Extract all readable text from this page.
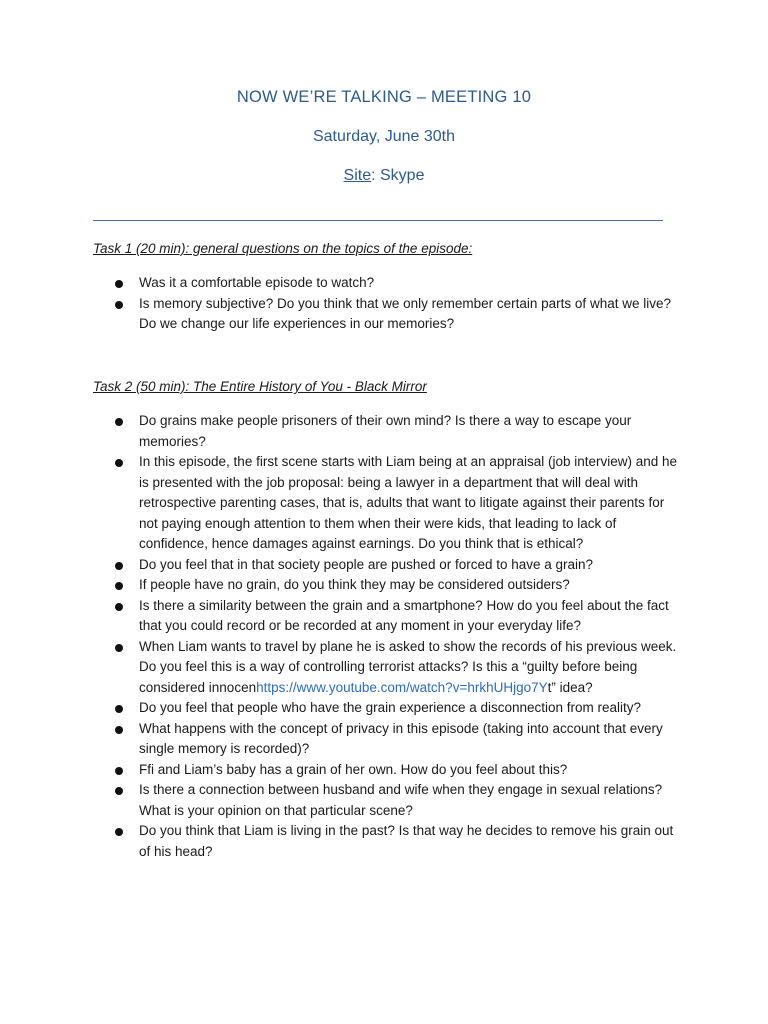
NOW WE’RE TALKING – MEETING 10
Saturday, June 30th
Site: Skype
Task 1 (20 min): general questions on the topics of the episode:
Was it a comfortable episode to watch?
Is memory subjective? Do you think that we only remember certain parts of what we live? Do we change our life experiences in our memories?
Task 2 (50 min): The Entire History of You - Black Mirror
Do grains make people prisoners of their own mind? Is there a way to escape your memories?
In this episode, the first scene starts with Liam being at an appraisal (job interview) and he is presented with the job proposal: being a lawyer in a department that will deal with retrospective parenting cases, that is, adults that want to litigate against their parents for not paying enough attention to them when their were kids, that leading to lack of confidence, hence damages against earnings. Do you think that is ethical?
Do you feel that in that society people are pushed or forced to have a grain?
If people have no grain, do you think they may be considered outsiders?
Is there a similarity between the grain and a smartphone? How do you feel about the fact that you could record or be recorded at any moment in your everyday life?
When Liam wants to travel by plane he is asked to show the records of his previous week. Do you feel this is a way of controlling terrorist attacks? Is this a “guilty before being considered innocenhttps://www.youtube.com/watch?v=hrkhUHjgo7Yt” idea?
Do you feel that people who have the grain experience a disconnection from reality?
What happens with the concept of privacy in this episode (taking into account that every single memory is recorded)?
Ffi and Liam’s baby has a grain of her own. How do you feel about this?
Is there a connection between husband and wife when they engage in sexual relations? What is your opinion on that particular scene?
Do you think that Liam is living in the past? Is that way he decides to remove his grain out of his head?
